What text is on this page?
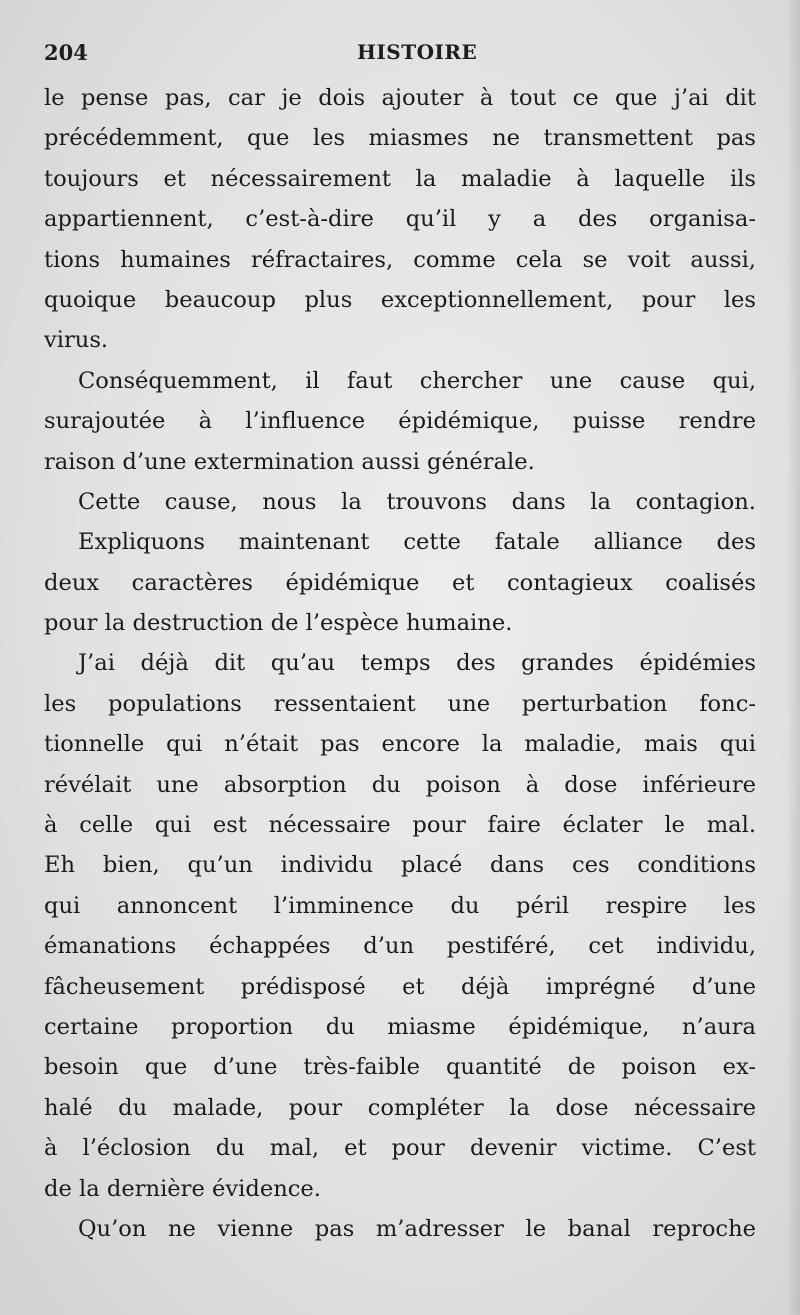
204	HISTOIRE
le pense pas, car je dois ajouter à tout ce que j’ai dit
précédemment, que les miasmes ne transmettent pas
toujours et nécessairement la maladie à laquelle ils
appartiennent, c’est-à-dire qu’il y a des organisa-
tions humaines réfractaires, comme cela se voit aussi,
quoique beaucoup plus exceptionnellement, pour les
virus.
Conséquemment, il faut chercher une cause qui,
surajoutée à l’influence épidémique, puisse rendre
raison d’une extermination aussi générale.
Cette cause, nous la trouvons dans la contagion.
Expliquons maintenant cette fatale alliance des
deux caractères épidémique et contagieux coalisés
pour la destruction de l’espèce humaine.
J’ai déjà dit qu’au temps des grandes épidémies
les populations ressentaient une perturbation fonc-
tionnelle qui n’était pas encore la maladie, mais qui
révélait une absorption du poison à dose inférieure
à celle qui est nécessaire pour faire éclater le mal.
Eh bien, qu’un individu placé dans ces conditions
qui annoncent l’imminence du péril respire les
émanations échappées d’un pestiféré, cet individu,
fâcheusement prédisposé et déjà imprégné d’une
certaine proportion du miasme épidémique, n’aura
besoin que d’une très-faible quantité de poison ex-
halé du malade, pour compléter la dose nécessaire
à l’éclosion du mal, et pour devenir victime. C’est
de la dernière évidence.
Qu’on ne vienne pas m’adresser le banal reproche
